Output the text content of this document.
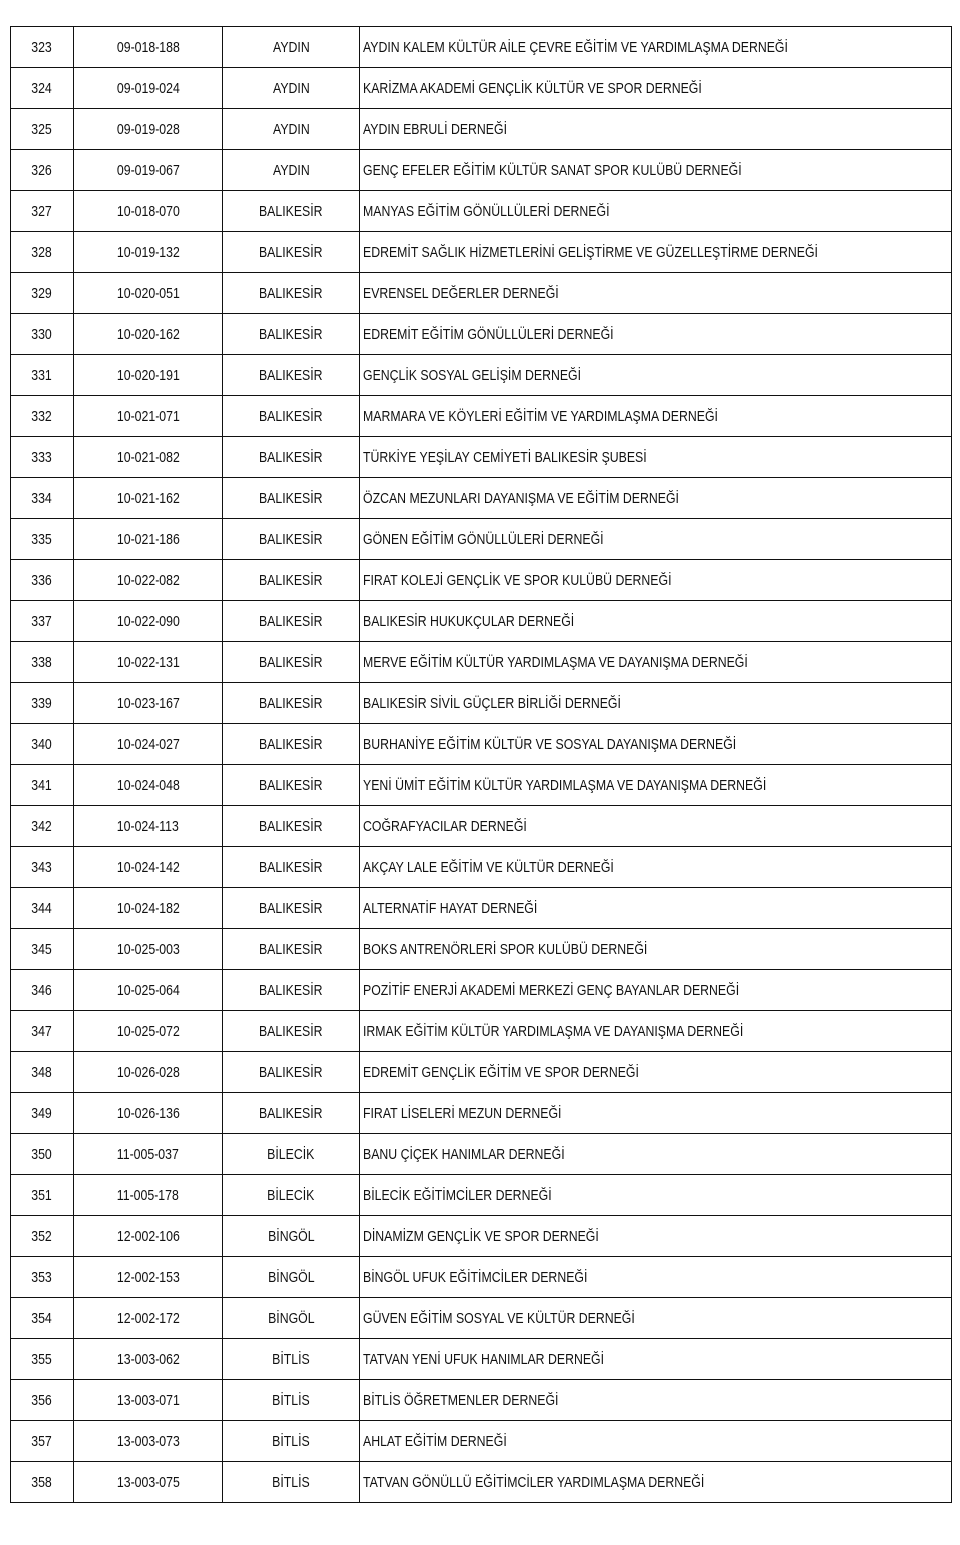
323	09-018-188	AYDIN	AYDIN KALEM KÜLTÜR AİLE ÇEVRE EĞİTİM VE YARDIMLAŞMA DERNEĞİ
324	09-019-024	AYDIN	KARİZMA AKADEMİ GENÇLİK KÜLTÜR VE SPOR DERNEĞİ
325	09-019-028	AYDIN	AYDIN EBRULİ DERNEĞİ
326	09-019-067	AYDIN	GENÇ EFELER EĞİTİM KÜLTÜR SANAT SPOR KULÜBÜ DERNEĞİ
327	10-018-070	BALIKESİR	MANYAS EĞİTİM GÖNÜLLÜLERİ DERNEĞİ
328	10-019-132	BALIKESİR	EDREMİT SAĞLIK HİZMETLERİNİ GELİŞTİRME VE GÜZELLEŞTİRME DERNEĞİ
329	10-020-051	BALIKESİR	EVRENSEL DEĞERLER DERNEĞİ
330	10-020-162	BALIKESİR	EDREMİT EĞİTİM GÖNÜLLÜLERİ DERNEĞİ
331	10-020-191	BALIKESİR	GENÇLİK SOSYAL GELİŞİM DERNEĞİ
332	10-021-071	BALIKESİR	MARMARA VE KÖYLERİ EĞİTİM VE YARDIMLAŞMA DERNEĞİ
333	10-021-082	BALIKESİR	TÜRKİYE YEŞİLAY CEMİYETİ BALIKESİR ŞUBESİ
334	10-021-162	BALIKESİR	ÖZCAN MEZUNLARI DAYANIŞMA VE EĞİTİM DERNEĞİ
335	10-021-186	BALIKESİR	GÖNEN EĞİTİM GÖNÜLLÜLERİ DERNEĞİ
336	10-022-082	BALIKESİR	FIRAT KOLEJİ GENÇLİK VE SPOR KULÜBÜ DERNEĞİ
337	10-022-090	BALIKESİR	BALIKESİR HUKUKÇULAR DERNEĞİ
338	10-022-131	BALIKESİR	MERVE EĞİTİM KÜLTÜR YARDIMLAŞMA VE DAYANIŞMA DERNEĞİ
339	10-023-167	BALIKESİR	BALIKESİR SİVİL GÜÇLER BİRLİĞİ DERNEĞİ
340	10-024-027	BALIKESİR	BURHANİYE EĞİTİM KÜLTÜR VE SOSYAL DAYANIŞMA DERNEĞİ
341	10-024-048	BALIKESİR	YENİ ÜMİT EĞİTİM KÜLTÜR YARDIMLAŞMA VE DAYANIŞMA DERNEĞİ
342	10-024-113	BALIKESİR	COĞRAFYACILAR DERNEĞİ
343	10-024-142	BALIKESİR	AKÇAY LALE EĞİTİM VE KÜLTÜR DERNEĞİ
344	10-024-182	BALIKESİR	ALTERNATİF HAYAT DERNEĞİ
345	10-025-003	BALIKESİR	BOKS ANTRENÖRLERİ SPOR KULÜBÜ DERNEĞİ
346	10-025-064	BALIKESİR	POZİTİF ENERJİ AKADEMİ MERKEZİ GENÇ BAYANLAR DERNEĞİ
347	10-025-072	BALIKESİR	IRMAK EĞİTİM KÜLTÜR YARDIMLAŞMA VE DAYANIŞMA DERNEĞİ
348	10-026-028	BALIKESİR	EDREMİT GENÇLİK EĞİTİM VE SPOR DERNEĞİ
349	10-026-136	BALIKESİR	FIRAT LİSELERİ MEZUN DERNEĞİ
350	11-005-037	BİLECİK	BANU ÇİÇEK HANIMLAR DERNEĞİ
351	11-005-178	BİLECİK	BİLECİK EĞİTİMCİLER DERNEĞİ
352	12-002-106	BİNGÖL	DİNAMİZM GENÇLİK VE SPOR DERNEĞİ
353	12-002-153	BİNGÖL	BİNGÖL UFUK EĞİTİMCİLER DERNEĞİ
354	12-002-172	BİNGÖL	GÜVEN EĞİTİM SOSYAL VE KÜLTÜR DERNEĞİ
355	13-003-062	BİTLİS	TATVAN YENİ UFUK HANIMLAR DERNEĞİ
356	13-003-071	BİTLİS	BİTLİS ÖĞRETMENLER DERNEĞİ
357	13-003-073	BİTLİS	AHLAT EĞİTİM DERNEĞİ
358	13-003-075	BİTLİS	TATVAN GÖNÜLLÜ EĞİTİMCİLER YARDIMLAŞMA DERNEĞİ
